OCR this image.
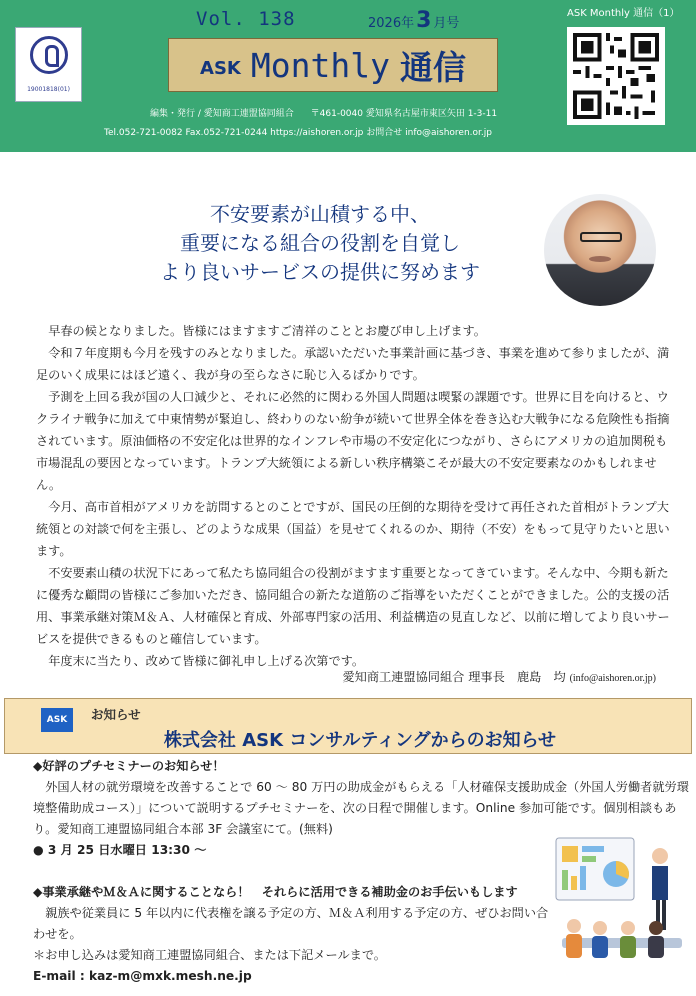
Vol. 138	2026年3 月号
ASK Monthly 通信（1）
19001818(01)
ASK Monthly 通信
編集・発行 / 愛知商工連盟協同組合 〒461-0040 愛知県名古屋市東区矢田 1-3-11
Tel.052-721-0082 Fax.052-721-0244 https://aishoren.or.jp お問合せ info@aishoren.or.jp
不安要素が山積する中、
重要になる組合の役割を自覚し
より良いサービスの提供に努めます

早春の候となりました。皆様にはますますご清祥のこととお慶び申し上げます。

令和７年度期も今月を残すのみとなりました。承認いただいた事業計画に基づき、事業を進めて参りましたが、満足のいく成果にはほど遠く、我が身の至らなさに恥じ入るばかりです。

予測を上回る我が国の人口減少と、それに必然的に関わる外国人問題は喫緊の課題です。世界に目を向けると、ウクライナ戦争に加えて中東情勢が緊迫し、終わりのない紛争が続いて世界全体を巻き込む大戦争になる危険性も指摘されています。原油価格の不安定化は世界的なインフレや市場の不安定化につながり、さらにアメリカの追加関税も市場混乱の要因となっています。トランプ大統領による新しい秩序構築こそが最大の不安定要素なのかもしれません。

今月、高市首相がアメリカを訪問するとのことですが、国民の圧倒的な期待を受けて再任された首相がトランプ大統領との対談で何を主張し、どのような成果（国益）を見せてくれるのか、期待（不安）をもって見守りたいと思います。

不安要素山積の状況下にあって私たち協同組合の役割がますます重要となってきています。そんな中、今期も新たに優秀な顧問の皆様にご参加いただき、協同組合の新たな道筋のご指導をいただくことができました。公的支援の活用、事業承継対策Ｍ＆Ａ、人材確保と育成、外部専門家の活用、利益構造の見直しなど、以前に増してより良いサービスを提供できるものと確信しています。

年度末に当たり、改めて皆様に御礼申し上げる次第です。

愛知商工連盟協同組合 理事長　鹿島　均 (info@aishoren.or.jp)
ASK	お知らせ
株式会社 ASK コンサルティングからのお知らせ
◆好評のプチセミナーのお知らせ！
外国人材の就労環境を改善することで 60 ～ 80 万円の助成金がもらえる「人材確保支援助成金（外国人労働者就労環境整備助成コース）」について説明するプチセミナーを、次の日程で開催します。Online 参加可能です。個別相談もあり。愛知商工連盟協同組合本部 3F 会議室にて。(無料)
● 3 月 25 日水曜日 13:30 ～
◆事業承継やＭ＆Ａに関することなら！　それらに活用できる補助金のお手伝いもします
親族や従業員に 5 年以内に代表権を譲る予定の方、Ｍ＆Ａ利用する予定の方、ぜひお問い合わせを。
＊お申し込みは愛知商工連盟協同組合、または下記メールまで。
E-mail : kaz-m@mxk.mesh.ne.jp
